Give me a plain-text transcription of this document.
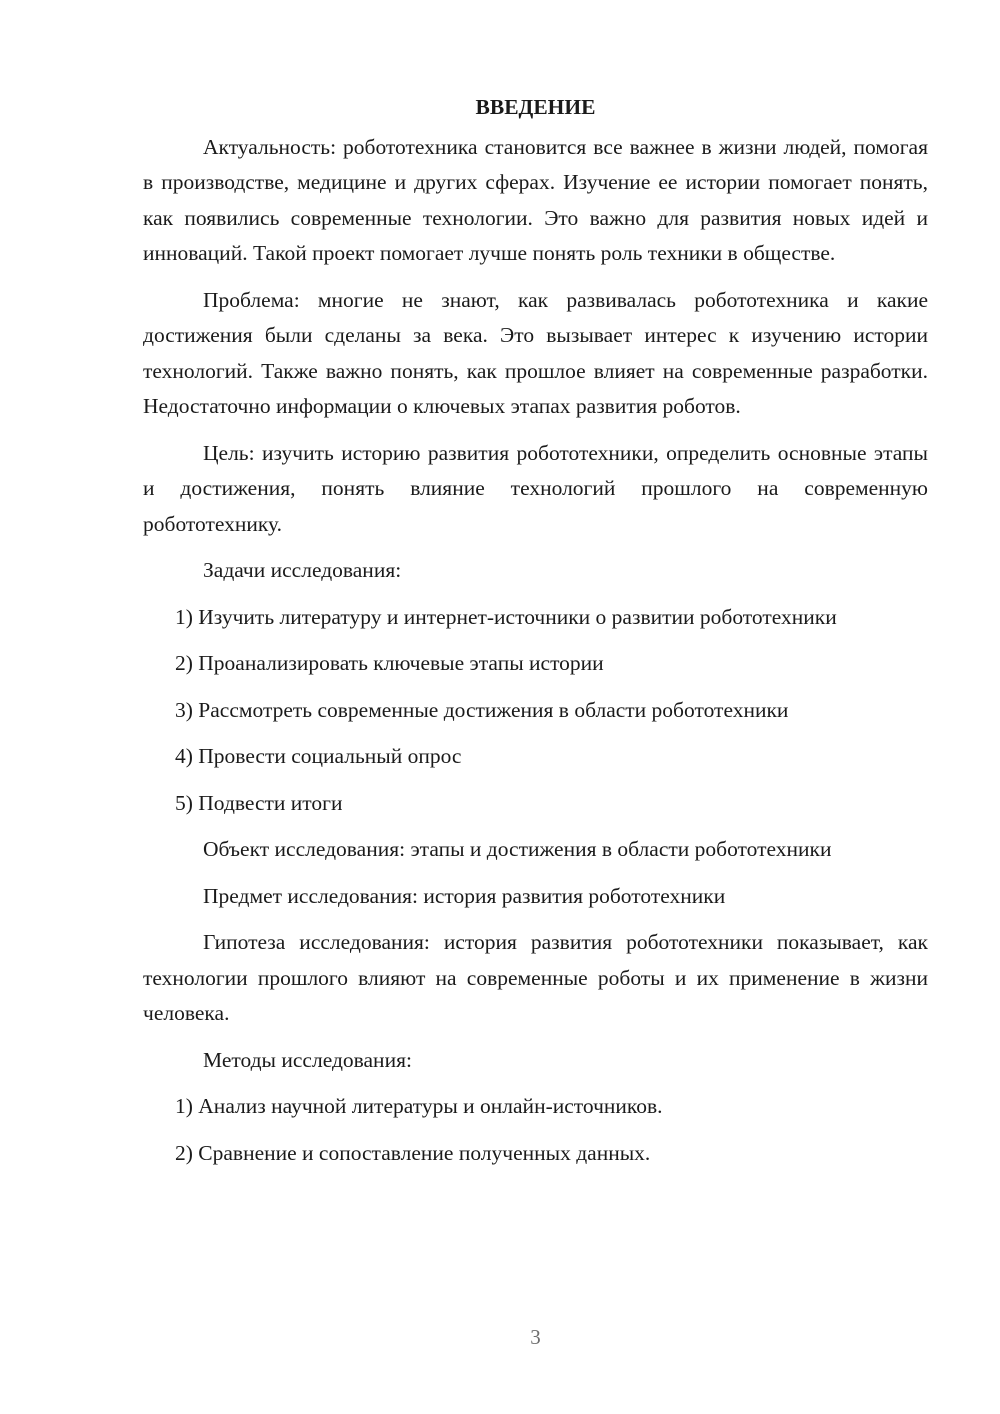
ВВЕДЕНИЕ

Актуальность: робототехника становится все важнее в жизни людей, помогая в производстве, медицине и других сферах. Изучение ее истории помогает понять, как появились современные технологии. Это важно для развития новых идей и инноваций. Такой проект помогает лучше понять роль техники в обществе.

Проблема: многие не знают, как развивалась робототехника и какие достижения были сделаны за века. Это вызывает интерес к изучению истории технологий. Также важно понять, как прошлое влияет на современные разработки. Недостаточно информации о ключевых этапах развития роботов.

Цель: изучить историю развития робототехники, определить основные этапы и достижения, понять влияние технологий прошлого на современную робототехнику.

Задачи исследования:

1) Изучить литературу и интернет-источники о развитии робототехники

2) Проанализировать ключевые этапы истории

3) Рассмотреть современные достижения в области робототехники

4) Провести социальный опрос

5) Подвести итоги

Объект исследования: этапы и достижения в области робототехники

Предмет исследования: история развития робототехники

Гипотеза исследования: история развития робототехники показывает, как технологии прошлого влияют на современные роботы и их применение в жизни человека.

Методы исследования:

1) Анализ научной литературы и онлайн-источников.

2) Сравнение и сопоставление полученных данных.

3
